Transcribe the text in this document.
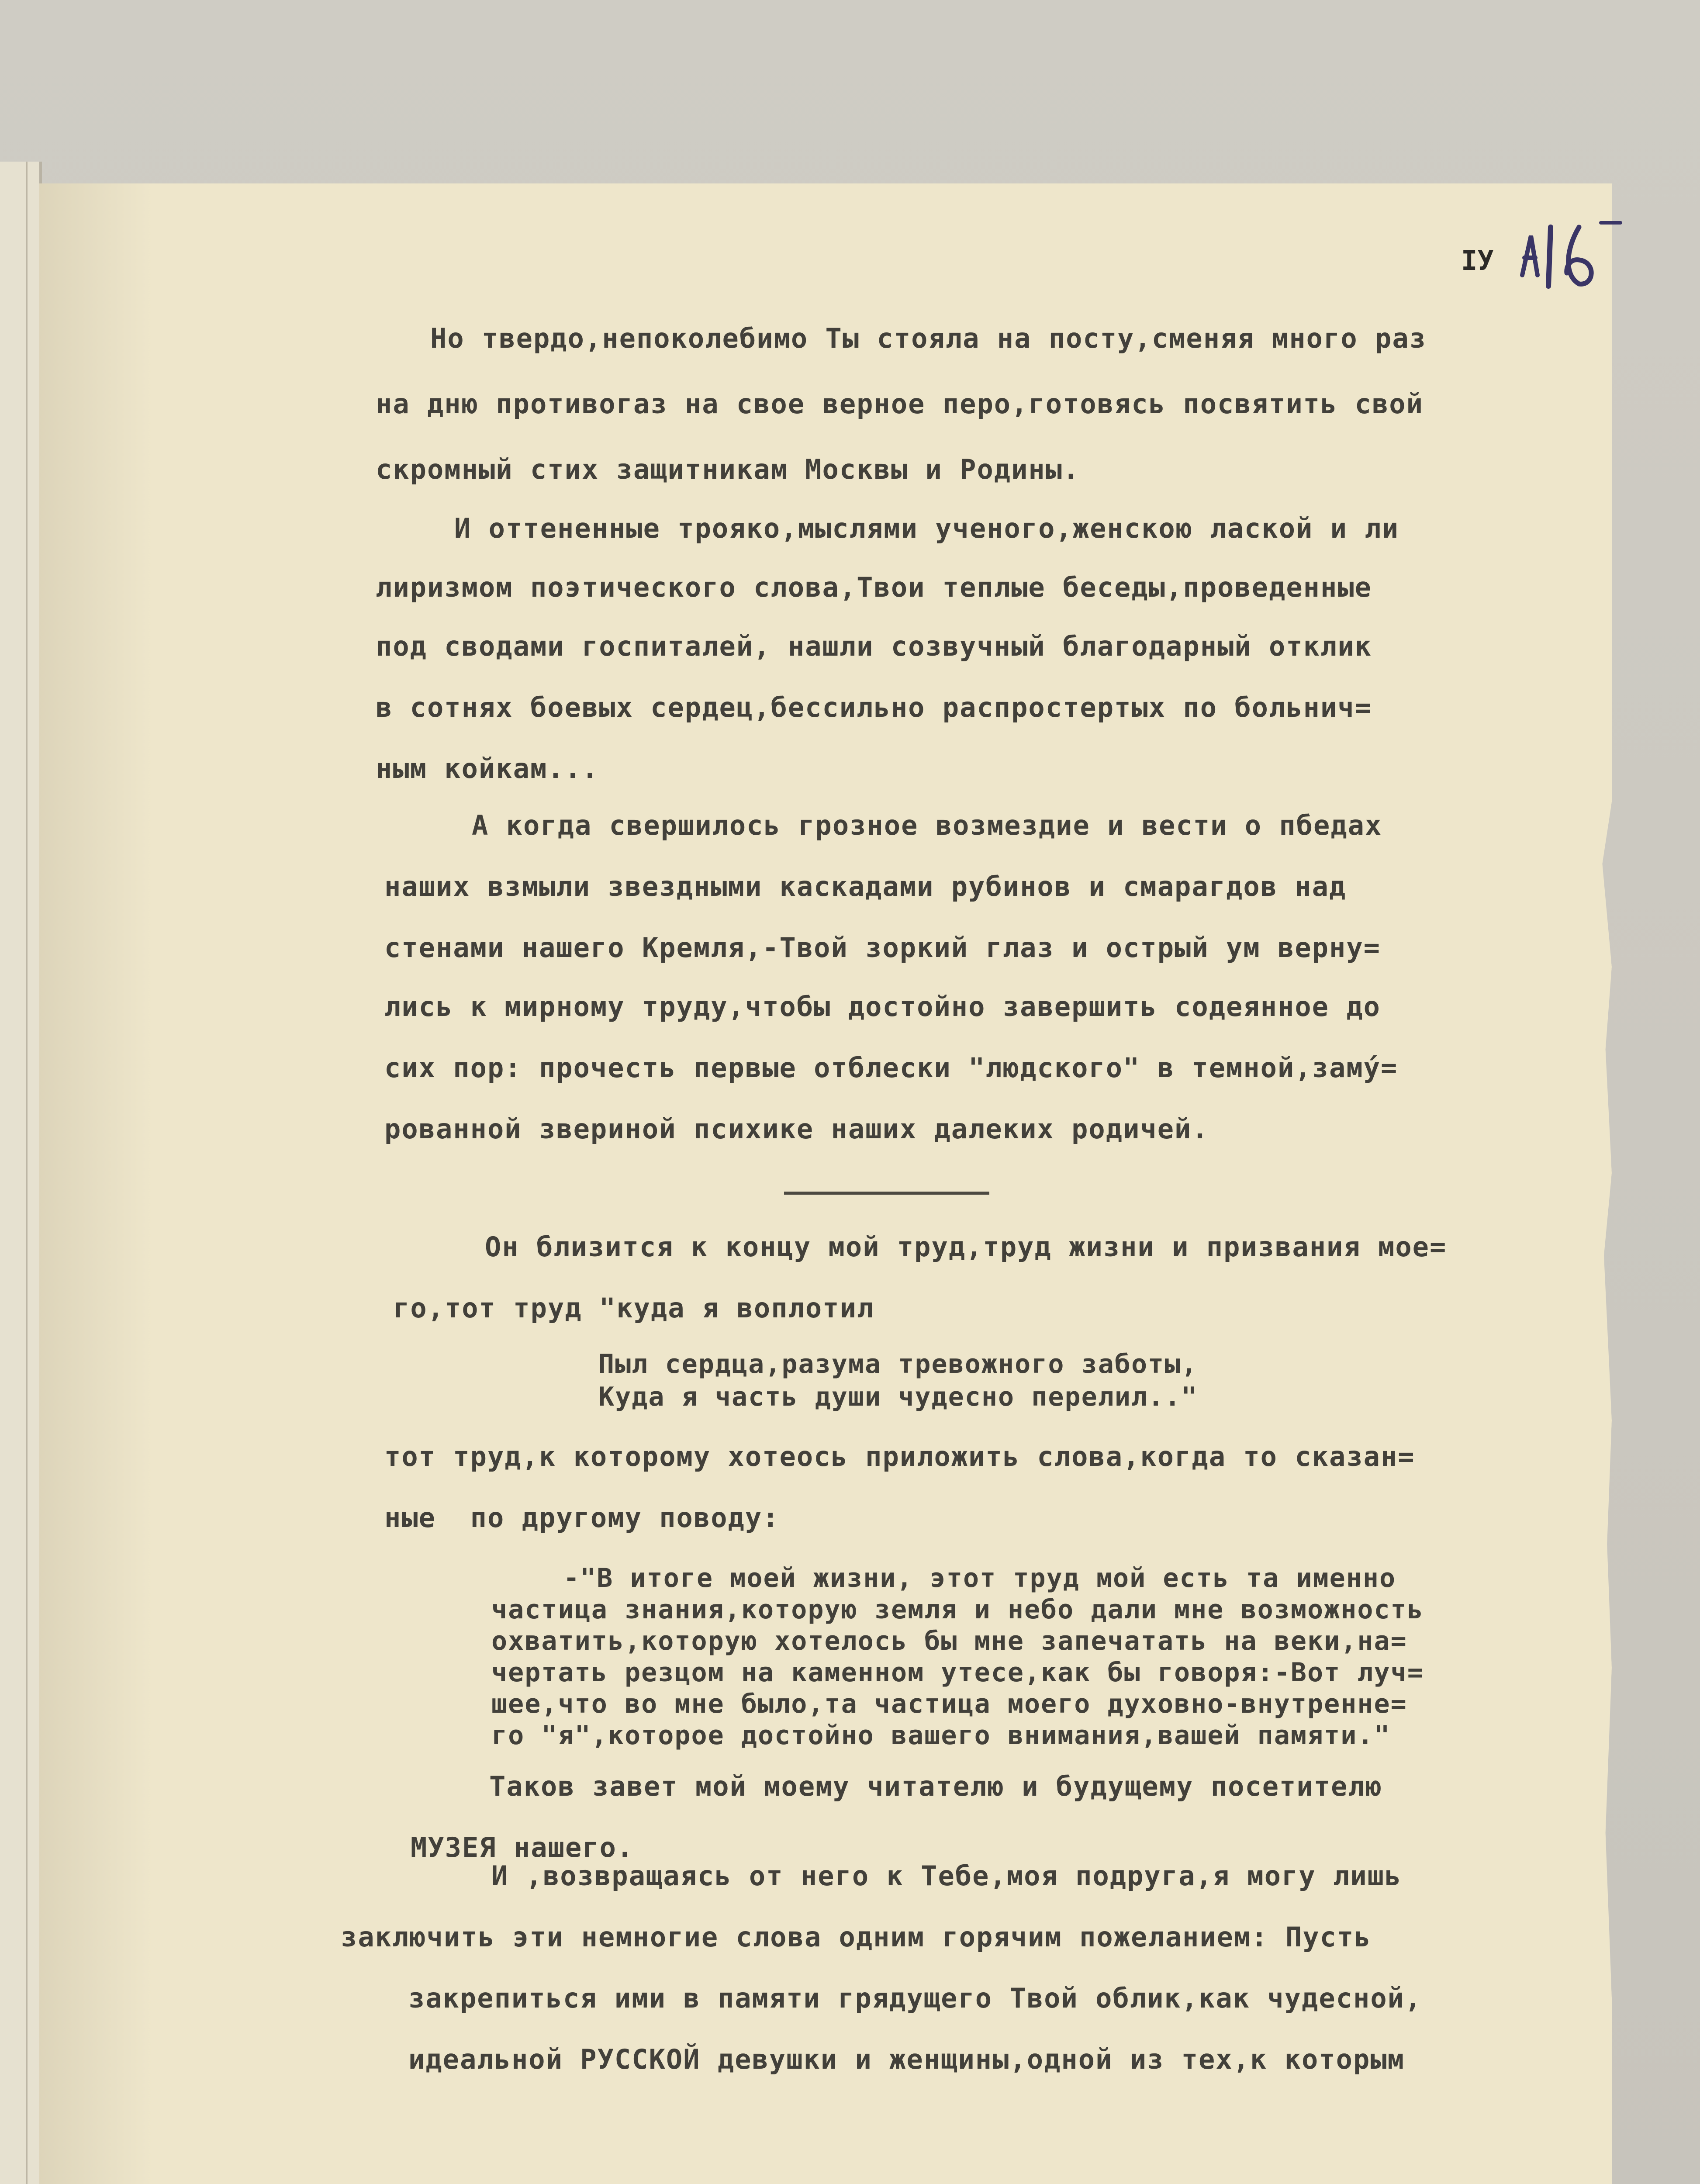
IУ
Но твердо,непоколебимо Ты стояла на посту,сменяя много раз
на дню противогаз на свое верное перо,готовясь посвятить свой
скромный стих защитникам Москвы и Родины.
И оттененные трояко,мыслями ученого,женскою лаской и ли
лиризмом поэтического слова,Твои теплые беседы,проведенные
под сводами госпиталей, нашли созвучный благодарный отклик
в сотнях боевых сердец,бессильно распростертых по больнич=
ным койкам...
А когда свершилось грозное возмездие и вести о пбедах
наших взмыли звездными каскадами рубинов и смарагдов над
стенами нашего Кремля,-Твой зоркий глаз и острый ум верну=
лись к мирному труду,чтобы достойно завершить содеянное до
сих пор: прочесть первые отблески "людского" в темной,замý=
рованной звериной психике наших далеких родичей.
Он близится к концу мой труд,труд жизни и призвания мое=
го,тот труд "куда я воплотил
Пыл сердца,разума тревожного заботы,
Куда я часть души чудесно перелил.."
тот труд,к которому хотеось приложить слова,когда то сказан=
ные  по другому поводу:
-"В итоге моей жизни, этот труд мой есть та именно
частица знания,которую земля и небо дали мне возможность
охватить,которую хотелось бы мне запечатать на веки,на=
чертать резцом на каменном утесе,как бы говоря:-Вот луч=
шее,что во мне было,та частица моего духовно-внутренне=
го "я",которое достойно вашего внимания,вашей памяти."
Таков завет мой моему читателю и будущему посетителю
МУЗЕЯ нашего.
И ,возвращаясь от него к Тебе,моя подруга,я могу лишь
заключить эти немногие слова одним горячим пожеланием: Пусть
закрепиться ими в памяти грядущего Твой облик,как чудесной,
идеальной РУССКОЙ девушки и женщины,одной из тех,к которым
